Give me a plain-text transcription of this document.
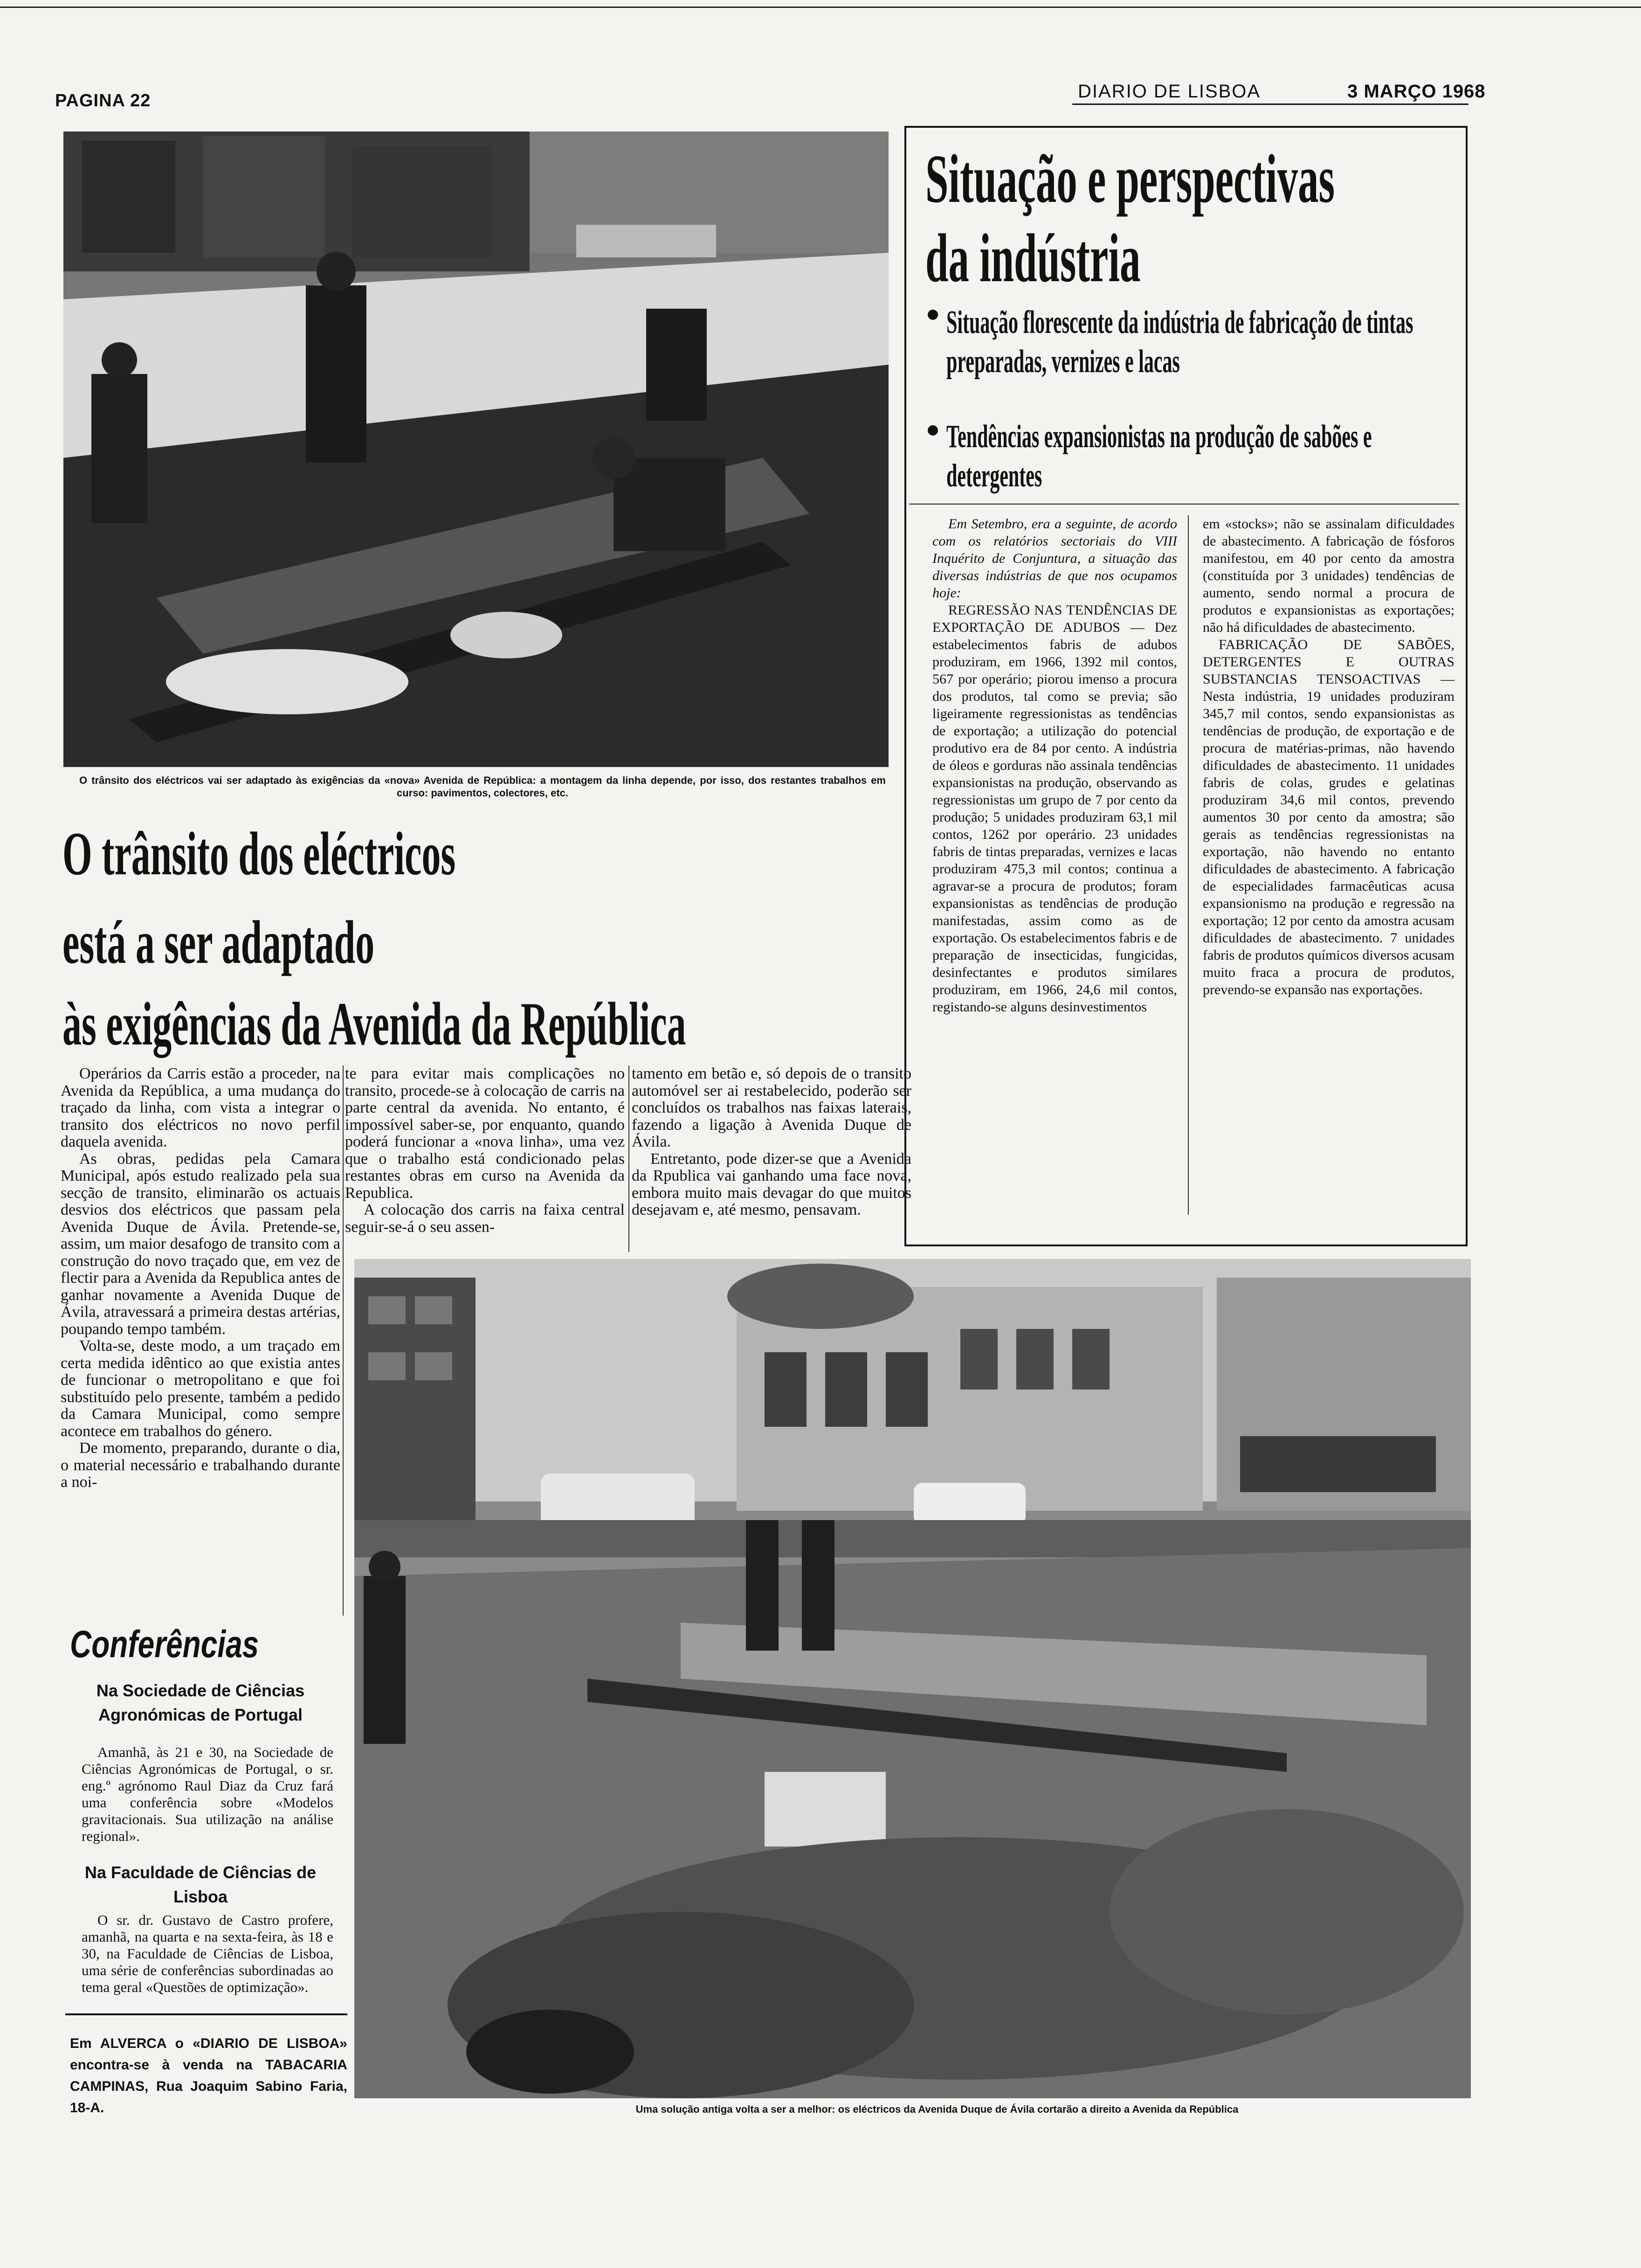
PAGINA 22	DIARIO DE LISBOA	3 MARÇO 1968
O trânsito dos eléctricos vai ser adaptado às exigências da «nova» Avenida de República: a montagem da linha depende, por isso, dos restantes trabalhos em curso: pavimentos, colectores, etc.
O trânsito dos eléctricos
está a ser adaptado
às exigências da Avenida da República

Operários da Carris estão a proceder, na Avenida da República, a uma mudança do traçado da linha, com vista a integrar o transito dos eléctricos no novo perfil daquela avenida.

As obras, pedidas pela Camara Municipal, após estudo realizado pela sua secção de transito, eliminarão os actuais desvios dos eléctricos que passam pela Avenida Duque de Ávila. Pretende-se, assim, um maior desafogo de transito com a construção do novo traçado que, em vez de flectir para a Avenida da Republica antes de ganhar novamente a Avenida Duque de Ávila, atravessará a primeira destas artérias, poupando tempo também.

Volta-se, deste modo, a um traçado em certa medida idêntico ao que existia antes de funcionar o metropolitano e que foi substituído pelo presente, também a pedido da Camara Municipal, como sempre acontece em trabalhos do género.

De momento, preparando, durante o dia, o material necessário e trabalhando durante a noi-

te para evitar mais complicações no transito, procede-se à colocação de carris na parte central da avenida. No entanto, é impossível saber-se, por enquanto, quando poderá funcionar a «nova linha», uma vez que o trabalho está condicionado pelas restantes obras em curso na Avenida da Republica.

A colocação dos carris na faixa central seguir-se-á o seu assen-

tamento em betão e, só depois de o transito automóvel ser ai restabelecido, poderão ser concluídos os trabalhos nas faixas laterais, fazendo a ligação à Avenida Duque de Ávila.

Entretanto, pode dizer-se que a Avenida da Rpublica vai ganhando uma face nova, embora muito mais devagar do que muitos desejavam e, até mesmo, pensavam.

Situação e perspectivas
da indústria
Situação florescente da indústria de fabricação de tintas preparadas, vernizes e lacas
Tendências expansionistas na produção de sabões e detergentes

Em Setembro, era a seguinte, de acordo com os relatórios sectoriais do VIII Inquérito de Conjuntura, a situação das diversas indústrias de que nos ocupamos hoje:

REGRESSÃO NAS TENDÊNCIAS DE EXPORTAÇÃO DE ADUBOS — Dez estabelecimentos fabris de adubos produziram, em 1966, 1392 mil contos, 567 por operário; piorou imenso a procura dos produtos, tal como se previa; são ligeiramente regressionistas as tendências de exportação; a utilização do potencial produtivo era de 84 por cento. A indústria de óleos e gorduras não assinala tendências expansionistas na produção, observando as regressionistas um grupo de 7 por cento da produção; 5 unidades produziram 63,1 mil contos, 1262 por operário. 23 unidades fabris de tintas preparadas, vernizes e lacas produziram 475,3 mil contos; continua a agravar-se a procura de produtos; foram expansionistas as tendências de produção manifestadas, assim como as de exportação. Os estabelecimentos fabris e de preparação de insecticidas, fungicidas, desinfectantes e produtos similares produziram, em 1966, 24,6 mil contos, registando-se alguns desinvestimentos

em «stocks»; não se assinalam dificuldades de abastecimento. A fabricação de fósforos manifestou, em 40 por cento da amostra (constituída por 3 unidades) tendências de aumento, sendo normal a procura de produtos e expansionistas as exportações; não há dificuldades de abastecimento.

FABRICAÇÃO DE SABÕES, DETERGENTES E OUTRAS SUBSTANCIAS TENSOACTIVAS — Nesta indústria, 19 unidades produziram 345,7 mil contos, sendo expansionistas as tendências de produção, de exportação e de procura de matérias-primas, não havendo dificuldades de abastecimento. 11 unidades fabris de colas, grudes e gelatinas produziram 34,6 mil contos, prevendo aumentos 30 por cento da amostra; são gerais as tendências regressionistas na exportação, não havendo no entanto dificuldades de abastecimento. A fabricação de especialidades farmacêuticas acusa expansionismo na produção e regressão na exportação; 12 por cento da amostra acusam dificuldades de abastecimento. 7 unidades fabris de produtos químicos diversos acusam muito fraca a procura de produtos, prevendo-se expansão nas exportações.

Uma solução antiga volta a ser a melhor: os eléctricos da Avenida Duque de Ávila cortarão a direito a Avenida da República
Conferências
Na Sociedade de Ciências Agronómicas de Portugal

Amanhã, às 21 e 30, na Sociedade de Ciências Agronómicas de Portugal, o sr. eng.º agrónomo Raul Diaz da Cruz fará uma conferência sobre «Modelos gravitacionais. Sua utilização na análise regional».

Na Faculdade de Ciências de Lisboa

O sr. dr. Gustavo de Castro profere, amanhã, na quarta e na sexta-feira, às 18 e 30, na Faculdade de Ciências de Lisboa, uma série de conferências subordinadas ao tema geral «Questões de optimização».

Em ALVERCA o «DIARIO DE LISBOA» encontra-se à venda na TABACARIA CAMPINAS, Rua Joaquim Sabino Faria, 18-A.
